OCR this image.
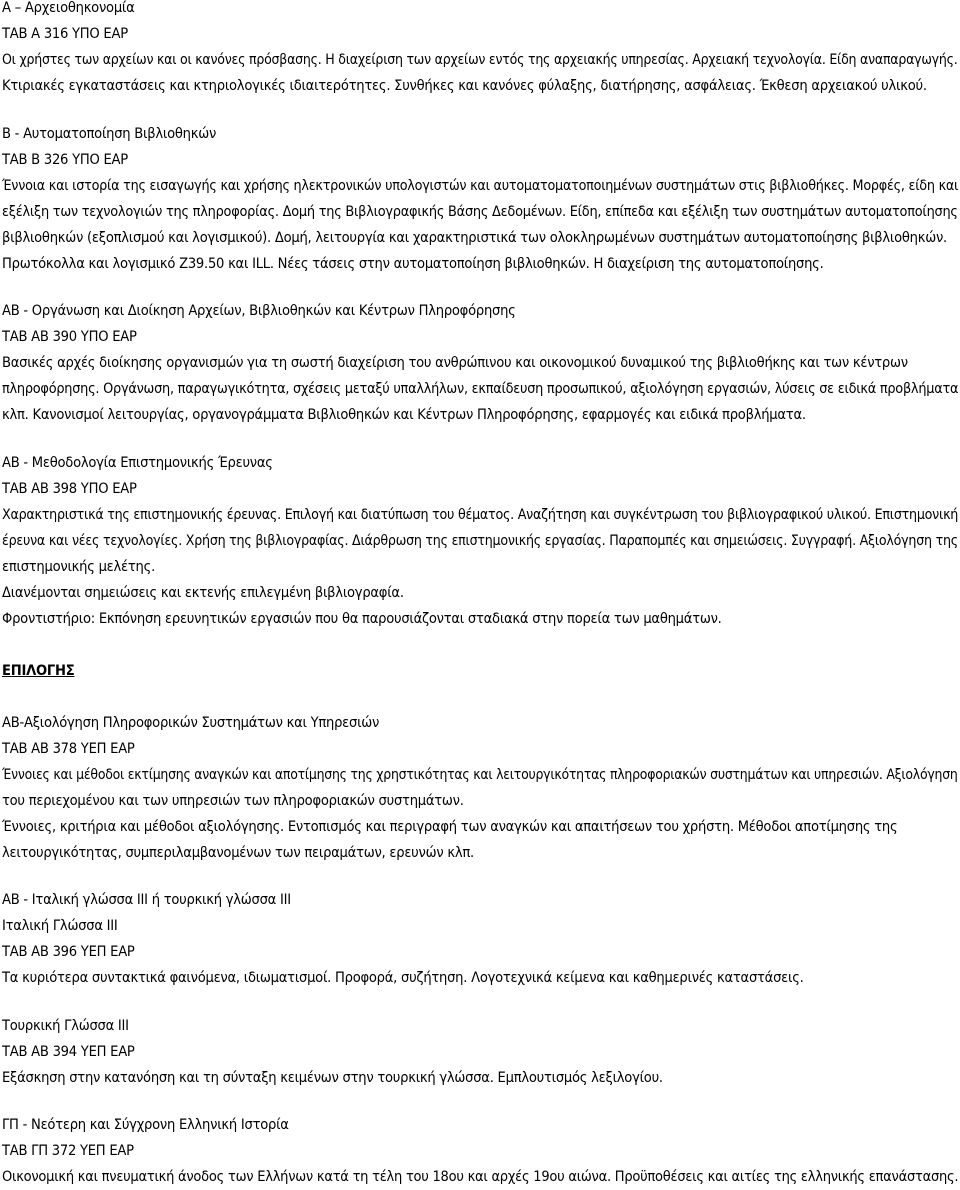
Α – Αρχειοθηκονομία
ΤΑΒ Α 316 ΥΠΟ ΕΑΡ
Οι χρήστες των αρχείων και οι κανόνες πρόσβασης. Η διαχείριση των αρχείων εντός της αρχειακής υπηρεσίας. Αρχειακή τεχνολογία. Είδη αναπαραγωγής.
Κτιριακές εγκαταστάσεις και κτηριολογικές ιδιαιτερότητες. Συνθήκες και κανόνες φύλαξης, διατήρησης, ασφάλειας. Έκθεση αρχειακού υλικού.
Β - Αυτοματοποίηση Βιβλιοθηκών
ΤΑΒ Β 326 ΥΠΟ ΕΑΡ
Έννοια και ιστορία της εισαγωγής και χρήσης ηλεκτρονικών υπολογιστών και αυτοματοματοποιημένων συστημάτων στις βιβλιοθήκες. Μορφές, είδη και
εξέλιξη των τεχνολογιών της πληροφορίας. Δομή της Βιβλιογραφικής Βάσης Δεδομένων. Είδη, επίπεδα και εξέλιξη των συστημάτων αυτοματοποίησης
βιβλιοθηκών (εξοπλισμού και λογισμικού). Δομή, λειτουργία και χαρακτηριστικά των ολοκληρωμένων συστημάτων αυτοματοποίησης βιβλιοθηκών.
Πρωτόκολλα και λογισμικό Z39.50 και ILL. Νέες τάσεις στην αυτοματοποίηση βιβλιοθηκών. Η διαχείριση της αυτοματοποίησης.
ΑΒ - Οργάνωση και Διοίκηση Αρχείων, Βιβλιοθηκών και Κέντρων Πληροφόρησης
ΤΑΒ ΑΒ 390 ΥΠΟ ΕΑΡ
Βασικές αρχές διοίκησης οργανισμών για τη σωστή διαχείριση του ανθρώπινου και οικονομικού δυναμικού της βιβλιοθήκης και των κέντρων
πληροφόρησης. Οργάνωση, παραγωγικότητα, σχέσεις μεταξύ υπαλλήλων, εκπαίδευση προσωπικού, αξιολόγηση εργασιών, λύσεις σε ειδικά προβλήματα
κλπ. Κανονισμοί λειτουργίας, οργανογράμματα Βιβλιοθηκών και Κέντρων Πληροφόρησης, εφαρμογές και ειδικά προβλήματα.
ΑΒ - Μεθοδολογία Επιστημονικής Έρευνας
ΤΑΒ ΑΒ 398 ΥΠΟ ΕΑΡ
Χαρακτηριστικά της επιστημονικής έρευνας. Επιλογή και διατύπωση του θέματος. Αναζήτηση και συγκέντρωση του βιβλιογραφικού υλικού. Επιστημονική
έρευνα και νέες τεχνολογίες. Χρήση της βιβλιογραφίας. Διάρθρωση της επιστημονικής εργασίας. Παραπομπές και σημειώσεις. Συγγραφή. Αξιολόγηση της
επιστημονικής μελέτης.
Διανέμονται σημειώσεις και εκτενής επιλεγμένη βιβλιογραφία.
Φροντιστήριο: Εκπόνηση ερευνητικών εργασιών που θα παρουσιάζονται σταδιακά στην πορεία των μαθημάτων.
ΕΠΙΛΟΓΗΣ
ΑΒ-Αξιολόγηση Πληροφορικών Συστημάτων και Υπηρεσιών
ΤΑΒ ΑΒ 378 ΥΕΠ ΕΑΡ
Έννοιες και μέθοδοι εκτίμησης αναγκών και αποτίμησης της χρηστικότητας και λειτουργικότητας πληροφοριακών συστημάτων και υπηρεσιών. Αξιολόγηση
του περιεχομένου και των υπηρεσιών των πληροφοριακών συστημάτων.
Έννοιες, κριτήρια και μέθοδοι αξιολόγησης. Εντοπισμός και περιγραφή των αναγκών και απαιτήσεων του χρήστη. Μέθοδοι αποτίμησης της
λειτουργικότητας, συμπεριλαμβανομένων των πειραμάτων, ερευνών κλπ.
ΑΒ - Ιταλική γλώσσα ΙΙΙ ή τουρκική γλώσσα ΙΙΙ
Ιταλική Γλώσσα ΙΙΙ
ΤΑΒ ΑΒ 396 ΥΕΠ ΕΑΡ
Τα κυριότερα συντακτικά φαινόμενα, ιδιωματισμοί. Προφορά, συζήτηση. Λογοτεχνικά κείμενα και καθημερινές καταστάσεις.
Τουρκική Γλώσσα ΙΙΙ
ΤΑΒ ΑΒ 394 ΥΕΠ ΕΑΡ
Εξάσκηση στην κατανόηση και τη σύνταξη κειμένων στην τουρκική γλώσσα. Εμπλουτισμός λεξιλογίου.
ΓΠ - Νεότερη και Σύγχρονη Ελληνική Ιστορία
ΤΑΒ ΓΠ 372 ΥΕΠ ΕΑΡ
Οικονομική και πνευματική άνοδος των Ελλήνων κατά τη τέλη του 18ου και αρχές 19ου αιώνα. Προϋποθέσεις και αιτίες της ελληνικής επανάστασης.
